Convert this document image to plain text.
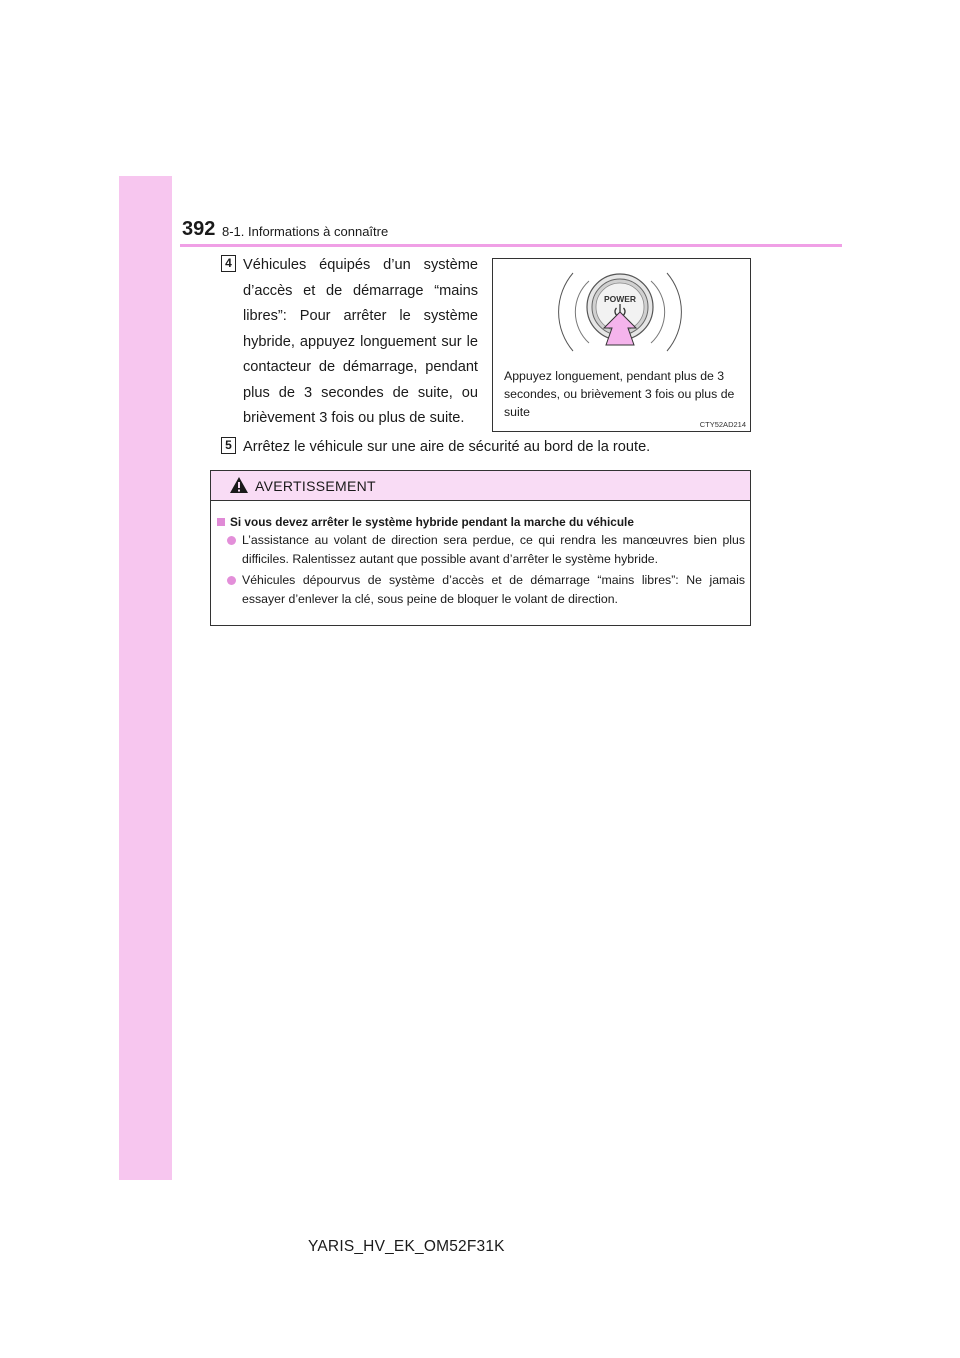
392 8-1. Informations à connaître
4 Véhicules équipés d’un système d’accès et de démarrage “mains libres”: Pour arrêter le système hybride, appuyez longuement sur le contacteur de démarrage, pendant plus de 3 secondes de suite, ou brièvement 3 fois ou plus de suite.
POWER
Appuyez longuement, pendant plus de 3 secondes, ou brièvement 3 fois ou plus de suite
CTY52AD214
5 Arrêtez le véhicule sur une aire de sécurité au bord de la route.
AVERTISSEMENT
Si vous devez arrêter le système hybride pendant la marche du véhicule
L’assistance au volant de direction sera perdue, ce qui rendra les manœuvres bien plus difficiles. Ralentissez autant que possible avant d’arrêter le système hybride.
Véhicules dépourvus de système d’accès et de démarrage “mains libres”: Ne jamais essayer d’enlever la clé, sous peine de bloquer le volant de direction.
YARIS_HV_EK_OM52F31K
